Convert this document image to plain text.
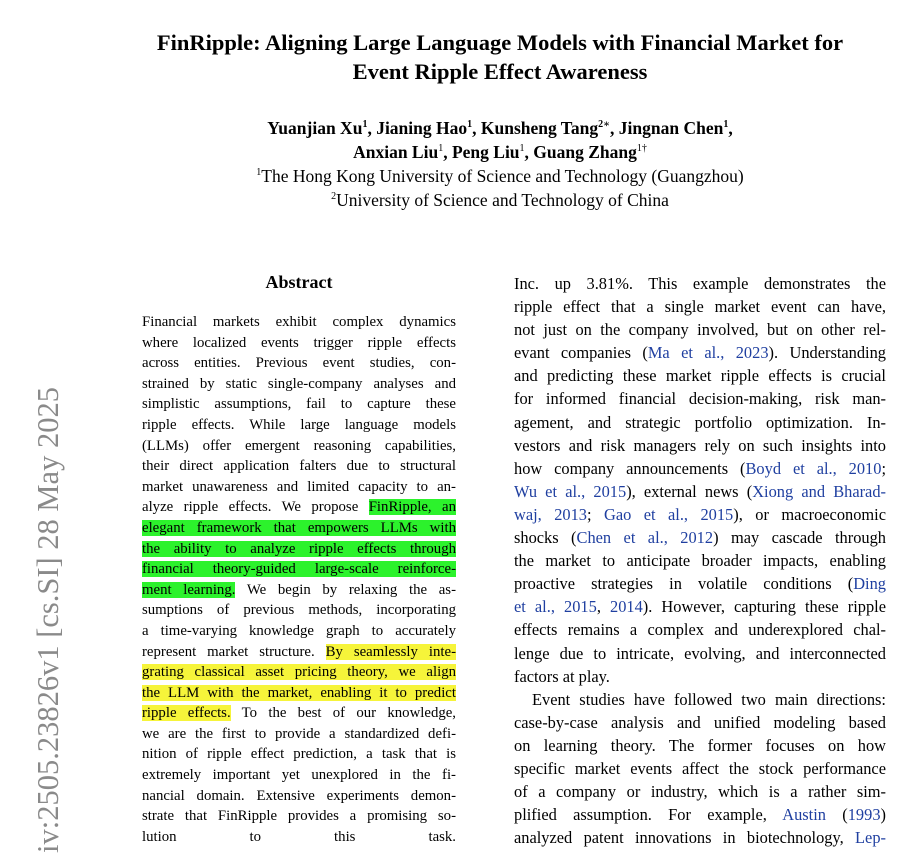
FinRipple: Aligning Large Language Models with Financial Market for
Event Ripple Effect Awareness
Yuanjian Xu$^1$, Jianing Hao$^1$, Kunsheng Tang$^{2∗}$, Jingnan Chen$^1$,
Anxian Liu$^1$, Peng Liu$^1$, Guang Zhang$^{1\dagger}$
$^1$The Hong Kong University of Science and Technology (Guangzhou)
$^2$University of Science and Technology of China
iv:2505.23826v1 [cs.SI] 28 May 2025
Abstract
Financial markets exhibit complex dynamics
where localized events trigger ripple effects
across entities. Previous event studies, con-
strained by static single-company analyses and
simplistic assumptions, fail to capture these
ripple effects. While large language models
(LLMs) offer emergent reasoning capabilities,
their direct application falters due to structural
market unawareness and limited capacity to an-
alyze ripple effects. We propose FinRipple, an
elegant framework that empowers LLMs with
the ability to analyze ripple effects through
financial theory-guided large-scale reinforce-
ment learning. We begin by relaxing the as-
sumptions of previous methods, incorporating
a time-varying knowledge graph to accurately
represent market structure. By seamlessly inte-
grating classical asset pricing theory, we align
the LLM with the market, enabling it to predict
ripple effects. To the best of our knowledge,
we are the first to provide a standardized defi-
nition of ripple effect prediction, a task that is
extremely important yet unexplored in the fi-
nancial domain. Extensive experiments demon-
strate that FinRipple provides a promising so-
lution to this task.
Inc. up 3.81%. This example demonstrates the
ripple effect that a single market event can have,
not just on the company involved, but on other rel-
evant companies (Ma et al., 2023). Understanding
and predicting these market ripple effects is crucial
for informed financial decision-making, risk man-
agement, and strategic portfolio optimization. In-
vestors and risk managers rely on such insights into
how company announcements (Boyd et al., 2010;
Wu et al., 2015), external news (Xiong and Bharad-
waj, 2013; Gao et al., 2015), or macroeconomic
shocks (Chen et al., 2012) may cascade through
the market to anticipate broader impacts, enabling
proactive strategies in volatile conditions (Ding
et al., 2015, 2014). However, capturing these ripple
effects remains a complex and underexplored chal-
lenge due to intricate, evolving, and interconnected
factors at play.
Event studies have followed two main directions:
case-by-case analysis and unified modeling based
on learning theory. The former focuses on how
specific market events affect the stock performance
of a company or industry, which is a rather sim-
plified assumption. For example, Austin (1993)
analyzed patent innovations in biotechnology, Lep-
